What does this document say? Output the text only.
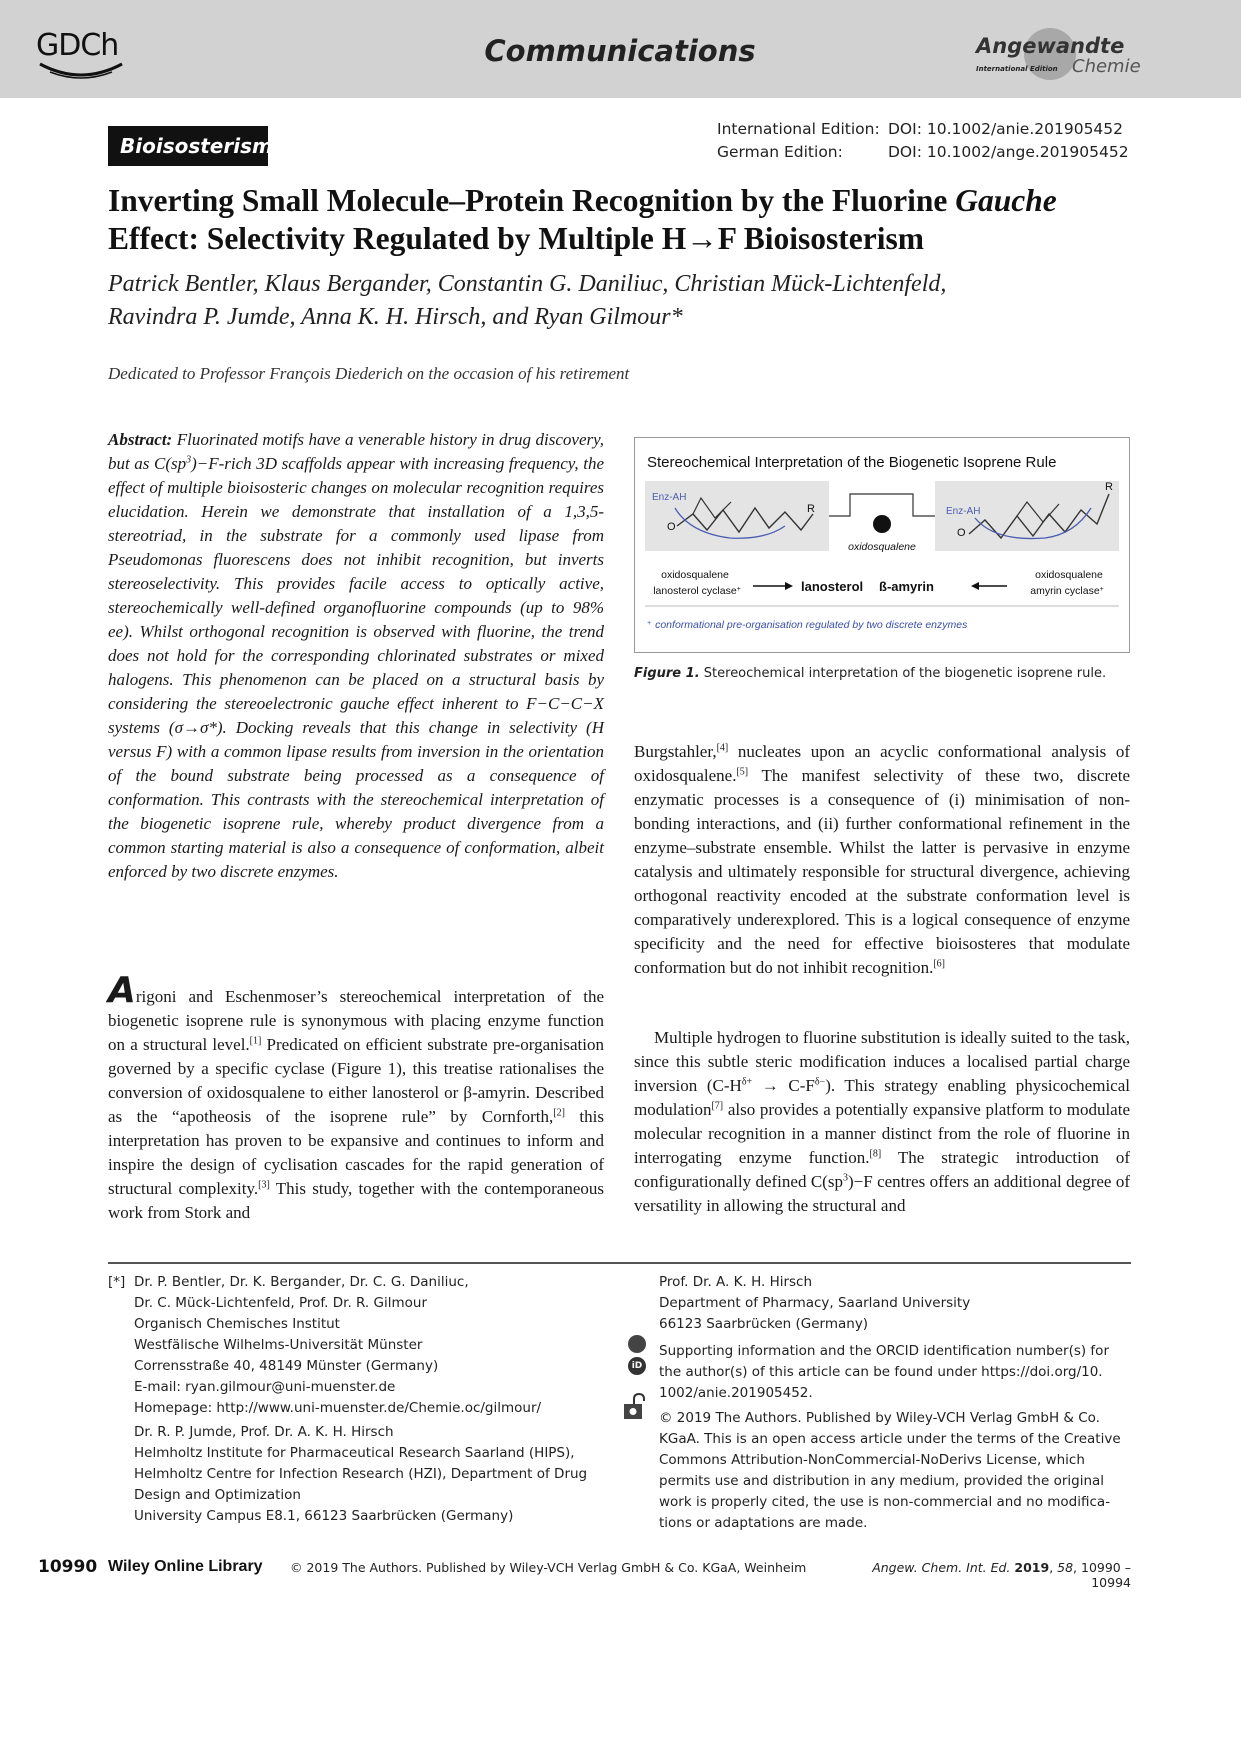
GDCh	Communications	Angewandte
International Edition Chemie
Bioisosterism
International Edition: DOI: 10.1002/anie.201905452
German Edition:	DOI: 10.1002/ange.201905452
Inverting Small Molecule–Protein Recognition by the Fluorine Gauche Effect: Selectivity Regulated by Multiple H→F Bioisosterism
Patrick Bentler, Klaus Bergander, Constantin G. Daniliuc, Christian Mück-Lichtenfeld,
Ravindra P. Jumde, Anna K. H. Hirsch, and Ryan Gilmour*
Dedicated to Professor François Diederich on the occasion of his retirement
Abstract: Fluorinated motifs have a venerable history in drug discovery, but as $C(sp^3)-F$-rich 3D scaffolds appear with increasing frequency, the effect of multiple bioisosteric changes on molecular recognition requires elucidation. Herein we demonstrate that installation of a 1,3,5-stereotriad, in the substrate for a commonly used lipase from Pseudomonas fluorescens does not inhibit recognition, but inverts stereoselectivity. This provides facile access to optically active, stereochemically well-defined organofluorine compounds (up to 98% ee). Whilst orthogonal recognition is observed with fluorine, the trend does not hold for the corresponding chlorinated substrates or mixed halogens. This phenomenon can be placed on a structural basis by considering the stereoelectronic gauche effect inherent to F−C−C−X systems (σ→σ*). Docking reveals that this change in selectivity (H versus F) with a common lipase results from inversion in the orientation of the bound substrate being processed as a consequence of conformation. This contrasts with the stereochemical interpretation of the biogenetic isoprene rule, whereby product divergence from a common starting material is also a consequence of conformation, albeit enforced by two discrete enzymes.
Arigoni and Eschenmoser’s stereochemical interpretation of the biogenetic isoprene rule is synonymous with placing enzyme function on a structural level.[1] Predicated on efficient substrate pre-organisation governed by a specific cyclase (Figure 1), this treatise rationalises the conversion of oxidosqualene to either lanosterol or β-amyrin. Described as the “apotheosis of the isoprene rule” by Cornforth,[2] this interpretation has proven to be expansive and continues to inform and inspire the design of cyclisation cascades for the rapid generation of structural complexity.[3] This study, together with the contemporaneous work from Stork and
Stereochemical Interpretation of the Biogenetic Isoprene Rule
Enz-AH
O
R	Enz-AH
O
R
oxidosqualene
oxidosqualene
lanosterol cyclase+
oxidosqualene
amyrin cyclase+
lanosterol ß-amyrin
+ conformational pre-organisation regulated by two discrete enzymes
Figure 1. Stereochemical interpretation of the biogenetic isoprene rule.
Burgstahler,[4] nucleates upon an acyclic conformational analysis of oxidosqualene.[5] The manifest selectivity of these two, discrete enzymatic processes is a consequence of (i) minimisation of non-bonding interactions, and (ii) further conformational refinement in the enzyme–substrate ensemble. Whilst the latter is pervasive in enzyme catalysis and ultimately responsible for structural divergence, achieving orthogonal reactivity encoded at the substrate conformation level is comparatively underexplored. This is a logical consequence of enzyme specificity and the need for effective bioisosteres that modulate conformation but do not inhibit recognition.[6]
Multiple hydrogen to fluorine substitution is ideally suited to the task, since this subtle steric modification induces a localised partial charge inversion $(C-H^{\delta+} \to C-F^{\delta-})$. This strategy enabling physicochemical modulation[7] also provides a potentially expansive platform to modulate molecular recognition in a manner distinct from the role of fluorine in interrogating enzyme function.[8] The strategic introduction of configurationally defined $C(sp^3)-F$ centres offers an additional degree of versatility in allowing the structural and
[*] Dr. P. Bentler, Dr. K. Bergander, Dr. C. G. Daniliuc,
Dr. C. Mück-Lichtenfeld, Prof. Dr. R. Gilmour
Organisch Chemisches Institut
Westfälische Wilhelms-Universität Münster
Corrensstraße 40, 48149 Münster (Germany)
E-mail: ryan.gilmour@uni-muenster.de
Homepage: http://www.uni-muenster.de/Chemie.oc/gilmour/
Dr. R. P. Jumde, Prof. Dr. A. K. H. Hirsch
Helmholtz Institute for Pharmaceutical Research Saarland (HIPS),
Helmholtz Centre for Infection Research (HZI), Department of Drug
Design and Optimization
University Campus E8.1, 66123 Saarbrücken (Germany)
Prof. Dr. A. K. H. Hirsch
Department of Pharmacy, Saarland University
66123 Saarbrücken (Germany)
Supporting information and the ORCID identification number(s) for
the author(s) of this article can be found under https://doi.org/10.
1002/anie.201905452.
© 2019 The Authors. Published by Wiley-VCH Verlag GmbH & Co.
KGaA. This is an open access article under the terms of the Creative
Commons Attribution-NonCommercial-NoDerivs License, which
permits use and distribution in any medium, provided the original
work is properly cited, the use is non-commercial and no modifica-
tions or adaptations are made.
iD
10990 Wiley Online Library © 2019 The Authors. Published by Wiley-VCH Verlag GmbH & Co. KGaA, Weinheim	Angew. Chem. Int. Ed. 2019, 58, 10990 –10994
